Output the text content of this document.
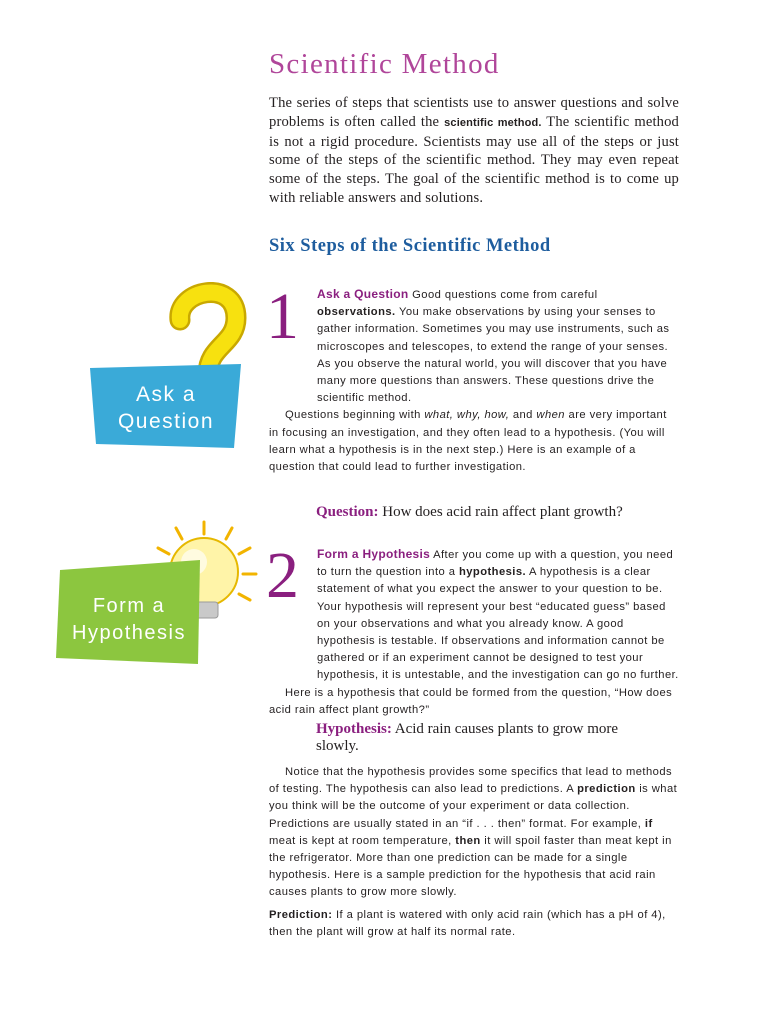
Scientific Method

The series of steps that scientists use to answer questions and solve problems is often called the scientific method. The scientific method is not a rigid procedure. Scientists may use all of the steps or just some of the steps of the scientific method. They may even repeat some of the steps. The goal of the scientific method is to come up with reliable answers and solutions.

Six Steps of the Scientific Method
Ask a
Question
1	Ask a Question Good questions come from careful observations. You make observations by using your senses to gather information. Sometimes you may use instruments, such as microscopes and telescopes, to extend the range of your senses. As you observe the natural world, you will discover that you have many more questions than answers. These questions drive the scientific method.

Questions beginning with what, why, how, and when are very important in focusing an investigation, and they often lead to a hypothesis. (You will learn what a hypothesis is in the next step.) Here is an example of a question that could lead to further investigation.

Question: How does acid rain affect plant growth?

Form a
Hypothesis
2	Form a Hypothesis After you come up with a question, you need to turn the question into a hypothesis. A hypothesis is a clear statement of what you expect the answer to your question to be. Your hypothesis will represent your best “educated guess” based on your observations and what you already know. A good hypothesis is testable. If observations and information cannot be gathered or if an experiment cannot be designed to test your hypothesis, it is untestable, and the investigation can go no further.

Here is a hypothesis that could be formed from the question, “How does acid rain affect plant growth?”

Hypothesis: Acid rain causes plants to grow more slowly.

Notice that the hypothesis provides some specifics that lead to methods of testing. The hypothesis can also lead to predictions. A prediction is what you think will be the outcome of your experiment or data collection. Predictions are usually stated in an “if . . . then” format. For example, if meat is kept at room temperature, then it will spoil faster than meat kept in the refrigerator. More than one prediction can be made for a single hypothesis. Here is a sample prediction for the hypothesis that acid rain causes plants to grow more slowly.

Prediction: If a plant is watered with only acid rain (which has a pH of 4), then the plant will grow at half its normal rate.
